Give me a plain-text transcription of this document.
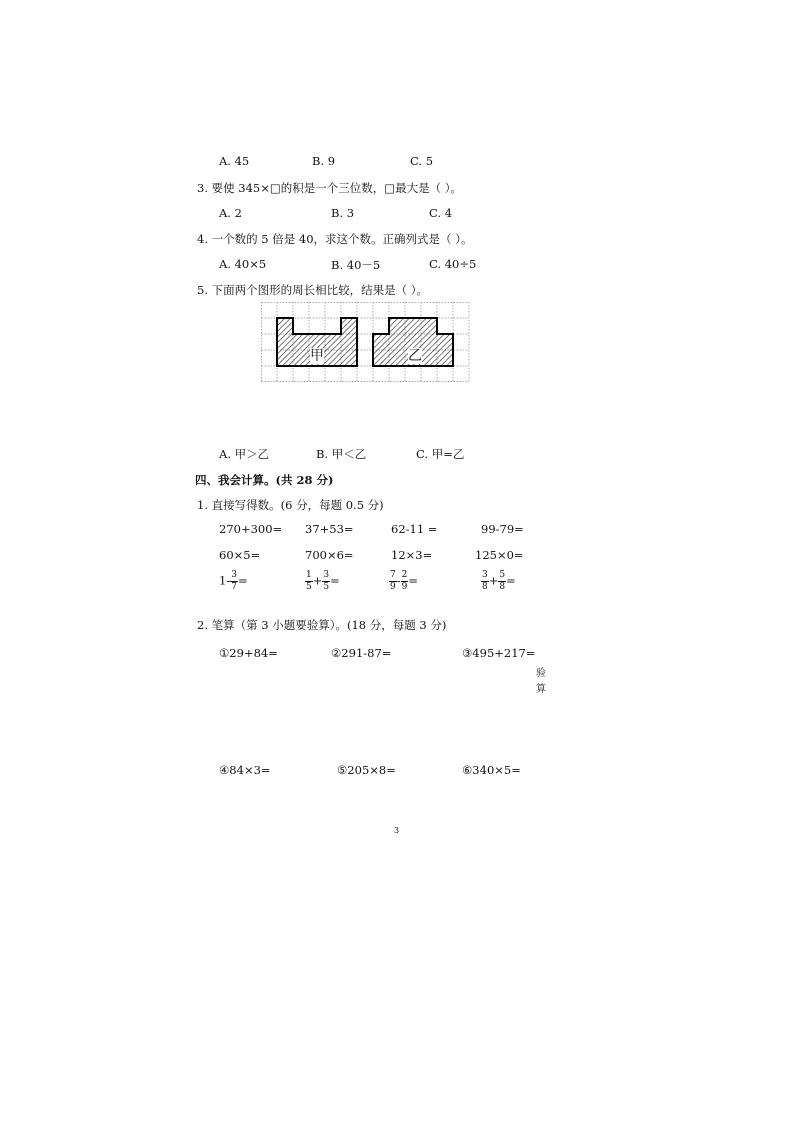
A. 45	B. 9	C. 5
3. 要使 345×□的积是一个三位数，□最大是（ ）。
A. 2	B. 3	C. 4
4. 一个数的 5 倍是 40，求这个数。正确列式是（ ）。
A. 40×5	B. 40－5	C. 40÷5
5. 下面两个图形的周长相比较，结果是（ ）。
甲	乙
A. 甲＞乙	B. 甲＜乙	C. 甲=乙
四、我会计算。(共 28 分)
1. 直接写得数。(6 分，每题 0.5 分)
270+300= 37+53=	62-11 =	99-79=
60×5=	700×6=	12×3=	125×0=
$1- \frac{3}{7}$ =	$\frac{1}{5} + \frac{3}{5}$ =	$\frac{7}{9} - \frac{2}{9}$ =	$\frac{3}{8} + \frac{5}{8}$ =
2. 笔算（第 3 小题要验算）。(18 分，每题 3 分)
①29+84=	②291-87=	③495+217=
验
算
④84×3=	⑤205×8=	⑥340×5=
3
